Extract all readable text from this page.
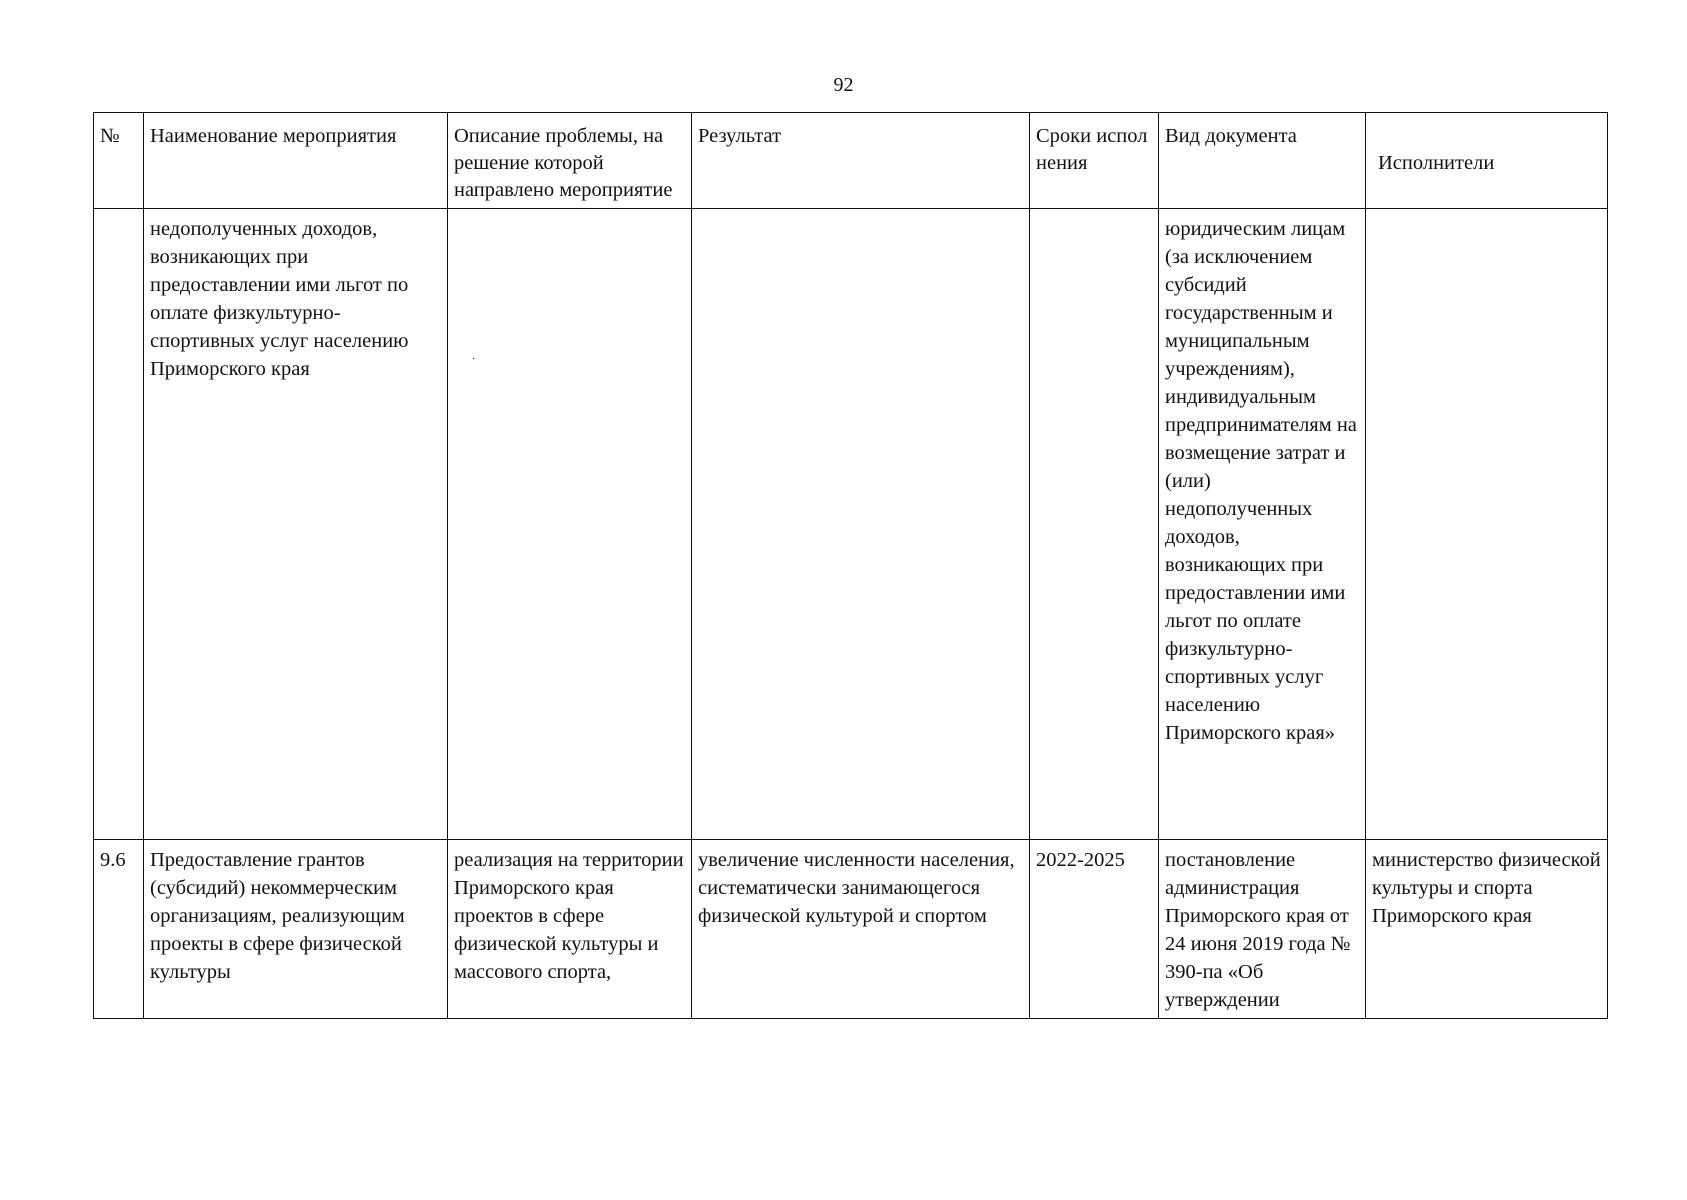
92
№	Наименование мероприятия	Описание проблемы, на решение которой направлено мероприятие	Результат	Сроки исполнения	Вид документа	Исполнители
	недополученных доходов, возникающих при предоставлении ими льгот по оплате физкультурно-спортивных услуг населению Приморского края	·			юридическим лицам (за исключением субсидий государственным и муниципальным учреждениям), индивидуальным предпринимателям на возмещение затрат и (или) недополученных доходов, возникающих при предоставлении ими льгот по оплате физкультурно-спортивных услуг населению Приморского края»	
9.6	Предоставление грантов (субсидий) некоммерческим организациям, реализующим проекты в сфере физической культуры	реализация на территории Приморского края проектов в сфере физической культуры и массового спорта,	увеличение численности населения, систематически занимающегося физической культурой и спортом	2022-2025	постановление администрация Приморского края от 24 июня 2019 года № 390-па «Об утверждении	министерство физической культуры и спорта Приморского края
